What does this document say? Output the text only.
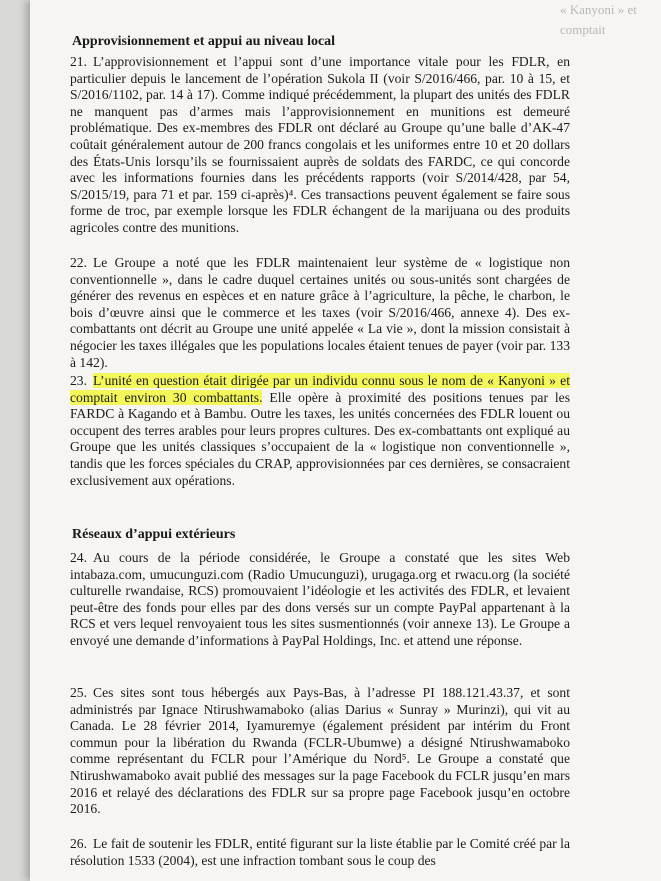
Approvisionnement et appui au niveau local
21. L’approvisionnement et l’appui sont d’une importance vitale pour les FDLR, en particulier depuis le lancement de l’opération Sukola II (voir S/2016/466, par. 10 à 15, et S/2016/1102, par. 14 à 17). Comme indiqué précédemment, la plupart des unités des FDLR ne manquent pas d’armes mais l’approvisionnement en munitions est demeuré problématique. Des ex-membres des FDLR ont déclaré au Groupe qu’une balle d’AK-47 coûtait généralement autour de 200 francs congolais et les uniformes entre 10 et 20 dollars des États-Unis lorsqu’ils se fournissaient auprès de soldats des FARDC, ce qui concorde avec les informations fournies dans les précédents rapports (voir S/2014/428, par 54, S/2015/19, para 71 et par. 159 ci-après)⁴. Ces transactions peuvent également se faire sous forme de troc, par exemple lorsque les FDLR échangent de la marijuana ou des produits agricoles contre des munitions.
22. Le Groupe a noté que les FDLR maintenaient leur système de « logistique non conventionnelle », dans le cadre duquel certaines unités ou sous-unités sont chargées de générer des revenus en espèces et en nature grâce à l’agriculture, la pêche, le charbon, le bois d’œuvre ainsi que le commerce et les taxes (voir S/2016/466, annexe 4). Des ex-combattants ont décrit au Groupe une unité appelée « La vie », dont la mission consistait à négocier les taxes illégales que les populations locales étaient tenues de payer (voir par. 133 à 142).
23. L’unité en question était dirigée par un individu connu sous le nom de « Kanyoni » et comptait environ 30 combattants. Elle opère à proximité des positions tenues par les FARDC à Kagando et à Bambu. Outre les taxes, les unités concernées des FDLR louent ou occupent des terres arables pour leurs propres cultures. Des ex-combattants ont expliqué au Groupe que les unités classiques s’occupaient de la « logistique non conventionnelle », tandis que les forces spéciales du CRAP, approvisionnées par ces dernières, se consacraient exclusivement aux opérations.
Réseaux d’appui extérieurs
24. Au cours de la période considérée, le Groupe a constaté que les sites Web intabaza.com, umucunguzi.com (Radio Umucunguzi), urugaga.org et rwacu.org (la société culturelle rwandaise, RCS) promouvaient l’idéologie et les activités des FDLR, et levaient peut-être des fonds pour elles par des dons versés sur un compte PayPal appartenant à la RCS et vers lequel renvoyaient tous les sites susmentionnés (voir annexe 13). Le Groupe a envoyé une demande d’informations à PayPal Holdings, Inc. et attend une réponse.
25. Ces sites sont tous hébergés aux Pays-Bas, à l’adresse PI 188.121.43.37, et sont administrés par Ignace Ntirushwamaboko (alias Darius « Sunray » Murinzi), qui vit au Canada. Le 28 février 2014, Iyamuremye (également président par intérim du Front commun pour la libération du Rwanda (FCLR-Ubumwe) a désigné Ntirushwamaboko comme représentant du FCLR pour l’Amérique du Nord⁵. Le Groupe a constaté que Ntirushwamaboko avait publié des messages sur la page Facebook du FCLR jusqu’en mars 2016 et relayé des déclarations des FDLR sur sa propre page Facebook jusqu’en octobre 2016.
26. Le fait de soutenir les FDLR, entité figurant sur la liste établie par le Comité créé par la résolution 1533 (2004), est une infraction tombant sous le coup des
« Kanyoni » et comptait
